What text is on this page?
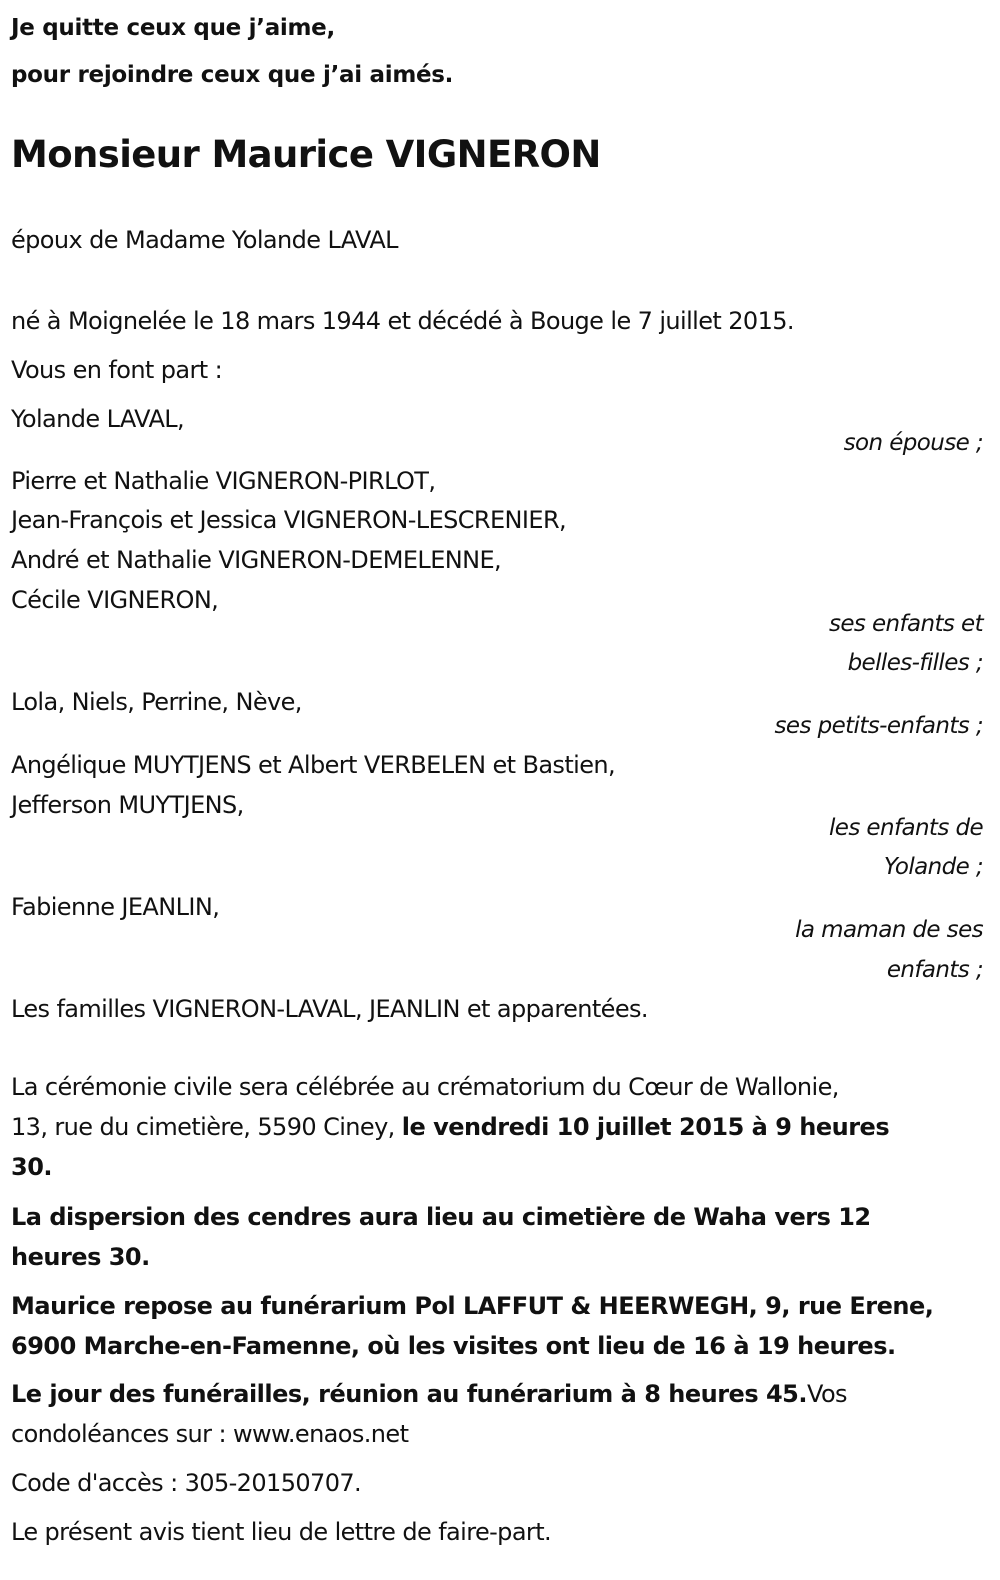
Je quitte ceux que j’aime,
pour rejoindre ceux que j’ai aimés.
Monsieur Maurice VIGNERON
époux de Madame Yolande LAVAL
né à Moignelée le 18 mars 1944 et décédé à Bouge le 7 juillet 2015.
Vous en font part :
Yolande LAVAL,
son épouse ;
Pierre et Nathalie VIGNERON-PIRLOT,
Jean-François et Jessica VIGNERON-LESCRENIER,
André et Nathalie VIGNERON-DEMELENNE,
Cécile VIGNERON,
ses enfants et
belles-filles ;
Lola, Niels, Perrine, Nève,
ses petits-enfants ;
Angélique MUYTJENS et Albert VERBELEN et Bastien,
Jefferson MUYTJENS,
les enfants de
Yolande ;
Fabienne JEANLIN,
la maman de ses
enfants ;
Les familles VIGNERON-LAVAL, JEANLIN et apparentées.
La cérémonie civile sera célébrée au crématorium du Cœur de Wallonie,
13, rue du cimetière, 5590 Ciney, le vendredi 10 juillet 2015 à 9 heures
30.
La dispersion des cendres aura lieu au cimetière de Waha vers 12
heures 30.
Maurice repose au funérarium Pol LAFFUT & HEERWEGH, 9, rue Erene,
6900 Marche-en-Famenne, où les visites ont lieu de 16 à 19 heures.
Le jour des funérailles, réunion au funérarium à 8 heures 45.Vos
condoléances sur : www.enaos.net
Code d'accès : 305-20150707.
Le présent avis tient lieu de lettre de faire-part.
